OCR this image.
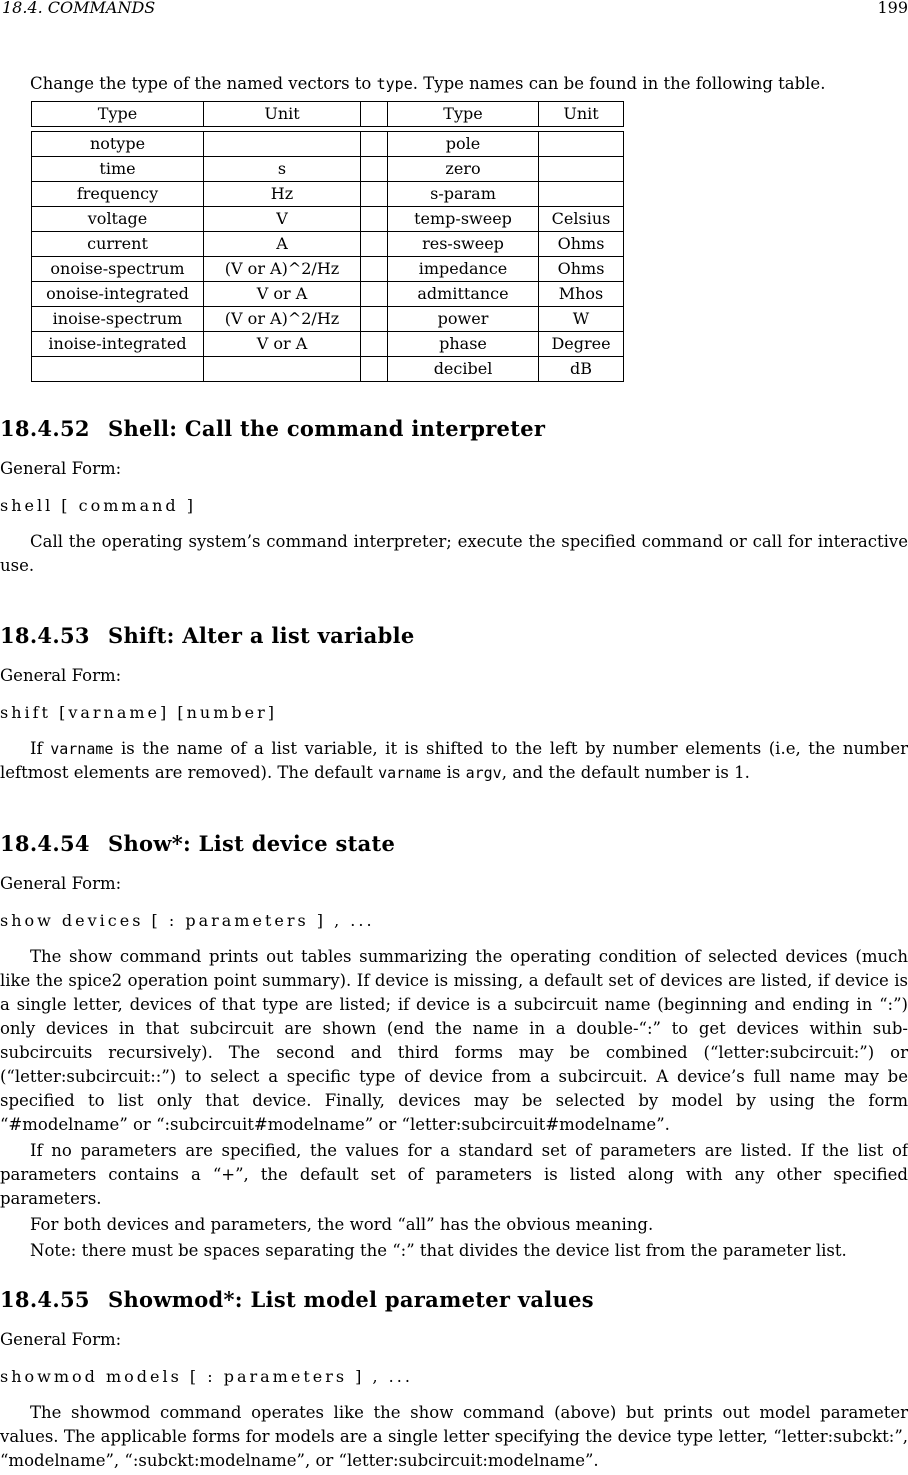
18.4. COMMANDS	199
Change the type of the named vectors to type. Type names can be found in the following table.
Type	Unit		Type	Unit

notype			pole	
time	s		zero	
frequency	Hz		s-param	
voltage	V		temp-sweep	Celsius
current	A		res-sweep	Ohms
onoise-spectrum	(V or A)^2/Hz		impedance	Ohms
onoise-integrated	V or A		admittance	Mhos
inoise-spectrum	(V or A)^2/Hz		power	W
inoise-integrated	V or A		phase	Degree
			decibel	dB
18.4.52 Shell: Call the command interpreter
General Form:
shell [ command ]

Call the operating system’s command interpreter; execute the specified command or call for interactive use.

18.4.53 Shift: Alter a list variable
General Form:
shift [varname] [number]

If varname is the name of a list variable, it is shifted to the left by number elements (i.e, the number leftmost elements are removed). The default varname is argv, and the default number is 1.

18.4.54 Show*: List device state
General Form:
show devices [ : parameters ] , ...

The show command prints out tables summarizing the operating condition of selected devices (much like the spice2 operation point summary). If device is missing, a default set of devices are listed, if device is a single letter, devices of that type are listed; if device is a subcircuit name (beginning and ending in “:”) only devices in that subcircuit are shown (end the name in a double-“:” to get devices within sub-subcircuits recursively). The second and third forms may be combined (“letter:subcircuit:”) or (“letter:subcircuit::”) to select a specific type of device from a subcircuit. A device’s full name may be specified to list only that device. Finally, devices may be selected by model by using the form “#modelname” or “:subcircuit#modelname” or “letter:subcircuit#modelname”.

If no parameters are specified, the values for a standard set of parameters are listed. If the list of parameters contains a “+”, the default set of parameters is listed along with any other specified parameters.

For both devices and parameters, the word “all” has the obvious meaning.

Note: there must be spaces separating the “:” that divides the device list from the parameter list.

18.4.55 Showmod*: List model parameter values
General Form:
showmod models [ : parameters ] , ...

The showmod command operates like the show command (above) but prints out model parameter values. The applicable forms for models are a single letter specifying the device type letter, “letter:subckt:”, “modelname”, “:subckt:modelname”, or “letter:subcircuit:modelname”.
